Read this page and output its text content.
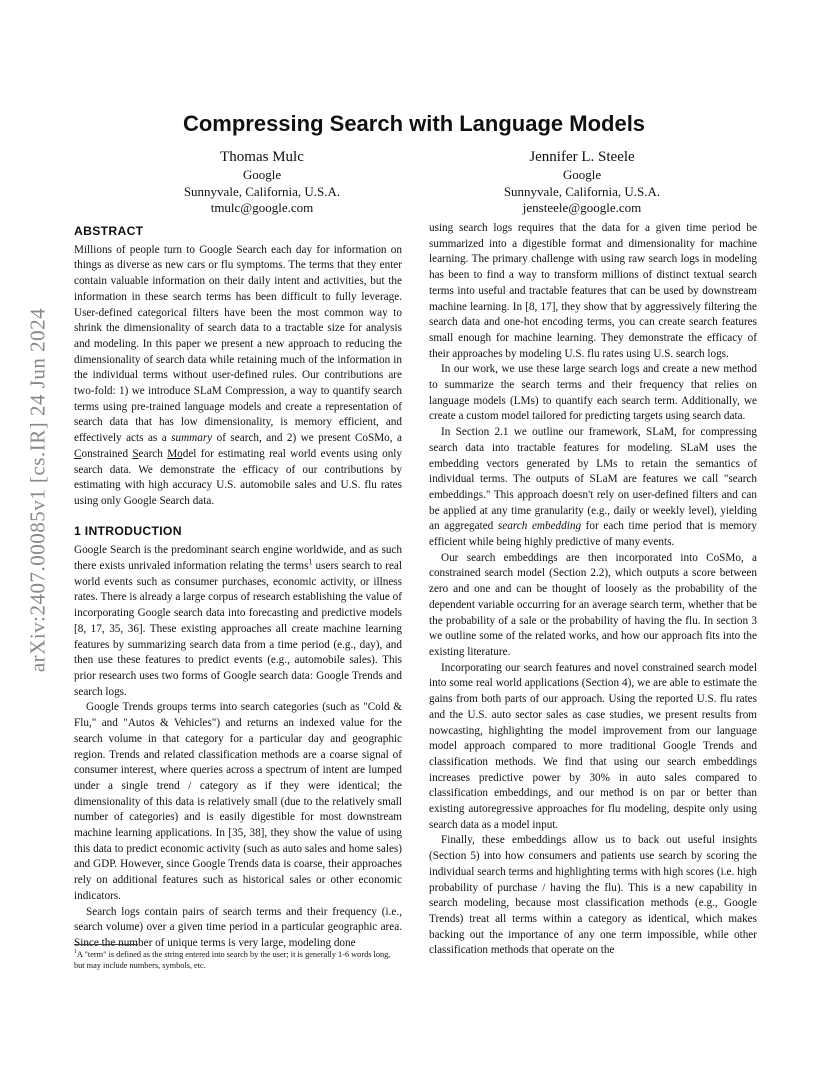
arXiv:2407.00085v1 [cs.IR] 24 Jun 2024
Compressing Search with Language Models
Thomas Mulc
Google
Sunnyvale, California, U.S.A.
tmulc@google.com
Jennifer L. Steele
Google
Sunnyvale, California, U.S.A.
jensteele@google.com
ABSTRACT

Millions of people turn to Google Search each day for information on things as diverse as new cars or flu symptoms. The terms that they enter contain valuable information on their daily intent and activities, but the information in these search terms has been difficult to fully leverage. User-defined categorical filters have been the most common way to shrink the dimensionality of search data to a tractable size for analysis and modeling. In this paper we present a new approach to reducing the dimensionality of search data while retaining much of the information in the individual terms without user-defined rules. Our contributions are two-fold: 1) we introduce SLaM Compression, a way to quantify search terms using pre-trained language models and create a representation of search data that has low dimensionality, is memory efficient, and effectively acts as a summary of search, and 2) we present CoSMo, a Constrained Search Model for estimating real world events using only search data. We demonstrate the efficacy of our contributions by estimating with high accuracy U.S. automobile sales and U.S. flu rates using only Google Search data.

1 INTRODUCTION

Google Search is the predominant search engine worldwide, and as such there exists unrivaled information relating the terms$^1$ users search to real world events such as consumer purchases, economic activity, or illness rates. There is already a large corpus of research establishing the value of incorporating Google search data into forecasting and predictive models [8, 17, 35, 36]. These existing approaches all create machine learning features by summarizing search data from a time period (e.g., day), and then use these features to predict events (e.g., automobile sales). This prior research uses two forms of Google search data: Google Trends and search logs.

Google Trends groups terms into search categories (such as "Cold & Flu," and "Autos & Vehicles") and returns an indexed value for the search volume in that category for a particular day and geographic region. Trends and related classification methods are a coarse signal of consumer interest, where queries across a spectrum of intent are lumped under a single trend / category as if they were identical; the dimensionality of this data is relatively small (due to the relatively small number of categories) and is easily digestible for most downstream machine learning applications. In [35, 38], they show the value of using this data to predict economic activity (such as auto sales and home sales) and GDP. However, since Google Trends data is coarse, their approaches rely on additional features such as historical sales or other economic indicators.

Search logs contain pairs of search terms and their frequency (i.e., search volume) over a given time period in a particular geographic area. Since the number of unique terms is very large, modeling done

using search logs requires that the data for a given time period be summarized into a digestible format and dimensionality for machine learning. The primary challenge with using raw search logs in modeling has been to find a way to transform millions of distinct textual search terms into useful and tractable features that can be used by downstream machine learning. In [8, 17], they show that by aggressively filtering the search data and one-hot encoding terms, you can create search features small enough for machine learning. They demonstrate the efficacy of their approaches by modeling U.S. flu rates using U.S. search logs.

In our work, we use these large search logs and create a new method to summarize the search terms and their frequency that relies on language models (LMs) to quantify each search term. Additionally, we create a custom model tailored for predicting targets using search data.

In Section 2.1 we outline our framework, SLaM, for compressing search data into tractable features for modeling. SLaM uses the embedding vectors generated by LMs to retain the semantics of individual terms. The outputs of SLaM are features we call "search embeddings." This approach doesn't rely on user-defined filters and can be applied at any time granularity (e.g., daily or weekly level), yielding an aggregated search embedding for each time period that is memory efficient while being highly predictive of many events.

Our search embeddings are then incorporated into CoSMo, a constrained search model (Section 2.2), which outputs a score between zero and one and can be thought of loosely as the probability of the dependent variable occurring for an average search term, whether that be the probability of a sale or the probability of having the flu. In section 3 we outline some of the related works, and how our approach fits into the existing literature.

Incorporating our search features and novel constrained search model into some real world applications (Section 4), we are able to estimate the gains from both parts of our approach. Using the reported U.S. flu rates and the U.S. auto sector sales as case studies, we present results from nowcasting, highlighting the model improvement from our language model approach compared to more traditional Google Trends and classification methods. We find that using our search embeddings increases predictive power by 30% in auto sales compared to classification embeddings, and our method is on par or better than existing autoregressive approaches for flu modeling, despite only using search data as a model input.

Finally, these embeddings allow us to back out useful insights (Section 5) into how consumers and patients use search by scoring the individual search terms and highlighting terms with high scores (i.e. high probability of purchase / having the flu). This is a new capability in search modeling, because most classification methods (e.g., Google Trends) treat all terms within a category as identical, which makes backing out the importance of any one term impossible, while other classification methods that operate on the

$^1$A "term" is defined as the string entered into search by the user; it is generally 1-6 words long, but may include numbers, symbols, etc.
